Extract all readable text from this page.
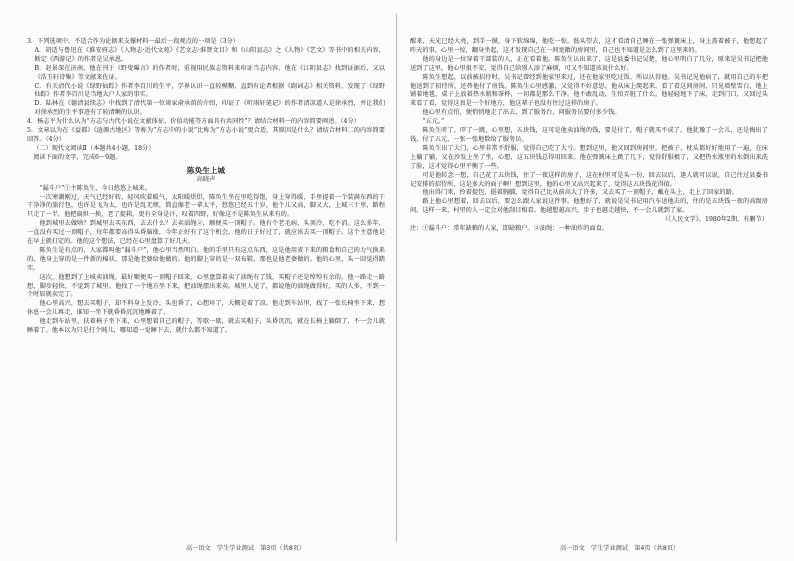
3．下列选项中，不适合作为论据来支撑材料一最后一段观点的一项是（3分）

A．胡适与鲁迅在《淮安府志》《人物志·近代文苑》《艺文志·淮贤文目》和《山阳县志》之《人物》《艺文》等书中的相关内容，断定《西游记》的作者是吴承恩。

B．赵景深在济南，他在刊于《野叟曝言》的作者时，重视用民族志资料来印证当志内容，他在《江阴县志》找到证据后，又以《浩玉轩诗集》等文献来佐证。

C．有关清代小说《绿野仙踪》作者李百川的生平，学界认识一直较模糊，直到有论者根据《副词志》相关资料，发现了《绿野仙踪》作者李百川是当地大户人家的事实。

D．陆林在《德清县续志》中找到了清代第一位谈家俞承荫的介绍，印证了《听雨轩笔记》的作者清凉道人是徐承烈，并让我们对徐承烈的生平事迹有了较清晰的认识。

4．杨志平为什么认为“方志与古代小说在文献体征、价值功能等方面具有共同性”？请结合材料一的内容简要阐述。（4分）

5．文章以为在《益都》《涟源古地区》等称为“方志中的小说”比称为“方志小说”更合适，其原因是什么？请结合材料二的内容简要回答。（4分）

（二）现代文阅读Ⅱ（本题共4小题，18分）

阅读下面的文字，完成6～9题。

陈奂生上城

高晓声

“漏斗户”①主陈奂生，今日悠悠上城来。

一次寒潮刚过，天气已经好转，轻风吹着暖气，太阳暖烘烘，陈奂生坐在里吃得饱，身上穿得暖，手里提着一个装满东西的干干净净的旅行包，也许是飞为太，也许是乱无烦，简直像老一辈太平，悠悠已经五十岁。他个儿又高，脚又大，上城三十里，路程只走了一半，他把扁担一换，老了提箱，更有全身是汗，叹着四野，好像这不是陈奂生从来有的。

他到城里去做啥？到城里去买东西，去去什么？去卖油绳②，顺便买一顶帽子。他有个老毛病，头顶冷，吃不消。这么多年，一直没有买过一顶帽子，每年都要冻得头昏脑涨，今年正好有了这个机会，他的日子好过了，就应该去买一顶帽子。这个主意他是在早上就打定的。他的这个想法，已经在心里盘算了好几天。

陈奂生是有点的，人家都叫他“漏斗户”，他心里当然明白。他的手里只有这点东西，这是他用省下来的粮食和自己的力气换来的。他身上穿的是一件新的棉袄，那是他老婆给他做的。他的脚上穿的是一双布鞋，那也是他老婆做的。他的心里，头一回觉得踏实。

这次，他想到了上城卖油绳，最好顺便买一顶帽子回来，心里盘算着卖了油绳有了钱，买帽子还是绰绰有余的。他一路走一路想，脚步轻快，不觉到了城里。他找了一个地方坐下来，把油绳摆出来卖。城里人见了，都说他的油绳做得好，买的人多，不到一个时辰就卖完了。

他心里高兴，想去买帽子，却不料身上发冷，头也昏了，心想坏了，大概是着了凉。他走到车站里，找了一张长椅坐下来，想休息一会儿再走，谁知一坐下就昏昏沉沉地睡着了。

他走到车站里，扶着椅子坐下来，心里想着自己的帽子，等歇一歇，就去买帽子，头昏沉沉，就在长椅上躺倒了，不一会儿就睡着了。他本以为只是打个盹儿，哪知道一觉睡下去，就什么都不知道了。

醒来，天光已经大亮，到手一摸，身下软绵绵，他吃一惊，低头望去，这才看清自己睡在一张弹簧床上，身上盖着被子，他想起了昨天的事，心里一惊，翻身坐起，这才发现自己在一间宽敞的房间里，自己也不知道是怎么到了这里来的。

他的身边是一位穿着干部装的人，正在看着他。陈奂生认出来了，这是县委书记吴楚，他心里明白了几分，原来是吴书记把他送到了这里。他心里很不安，觉得自己给别人添了麻烦，可又不知道该说什么好。

陈奂生想起，以前被招待时，吴书记曾经到他家里来过，还在他家里吃过饭，所以认得他。吴书记见他病了，就用自己的车把他送到了招待所，还替他付了房钱。陈奂生心里感激，又觉得不好意思。他从床上爬起来，看了看这间房间，只见墙壁雪白，地上铺着地毯，桌子上放着热水瓶和茶杯，一切都是那么干净。他不敢乱动，生怕弄脏了什么。他轻轻地下了床，走到门口，又回过头来看了看，觉得这真是一个好地方，他这辈子也没有住过这样的房子。

他心里有点怕，便悄悄地走了出去，到了服务台，问服务员要付多少钱。

“五元。”

陈奂生听了，吓了一跳，心里想，五块钱，这可是他卖油绳的钱，要是付了，帽子就买不成了。他犹豫了一会儿，还是掏出了钱，付了五元，一张一张地数给了服务员。

陈奂生出了大门，心里非常不舒服，觉得自己吃了大亏。想到这里，他又回到房间里，把被子、枕头都好好地用了一遍，在床上躺了躺，又在沙发上坐了坐，心想，这五块钱总得用回来。他在弹簧床上跳了几下，觉得舒服极了，又把热水瓶里的水倒出来洗了脸，这才觉得心里平衡了一些。

可是他转念一想，自己花了五块钱，住了一夜这样的房子，这在村里可是头一份，回去以后，逢人就可以说，自己住过县委书记安排的招待所，这是多大的面子啊！想到这里，他的心里又高兴起来了，觉得这五块钱花得值。

他出得门来，拎着提包，挺着胸脯，觉得自己比从前高大了许多，又去买了一顶帽子，戴在头上，走上了回家的路。

路上他心里想着，回去以后，要怎么跟人家说这件事。他想好了，就说是吴书记用汽车送他去的，住的是五块钱一夜的高级房间。这样一来，村里的人一定会对他刮目相看。他越想越高兴，步子也越走越快，不一会儿就到了家。

（《人民文学》，1980年2期，有删节）

注：①漏斗户：常年缺粮的人家，即缺粮户。②油绳：一种油炸的面食。

高一语文　学生学业测试　第3页（共8页）	高一语文　学生学业测试　第4页（共8页）
